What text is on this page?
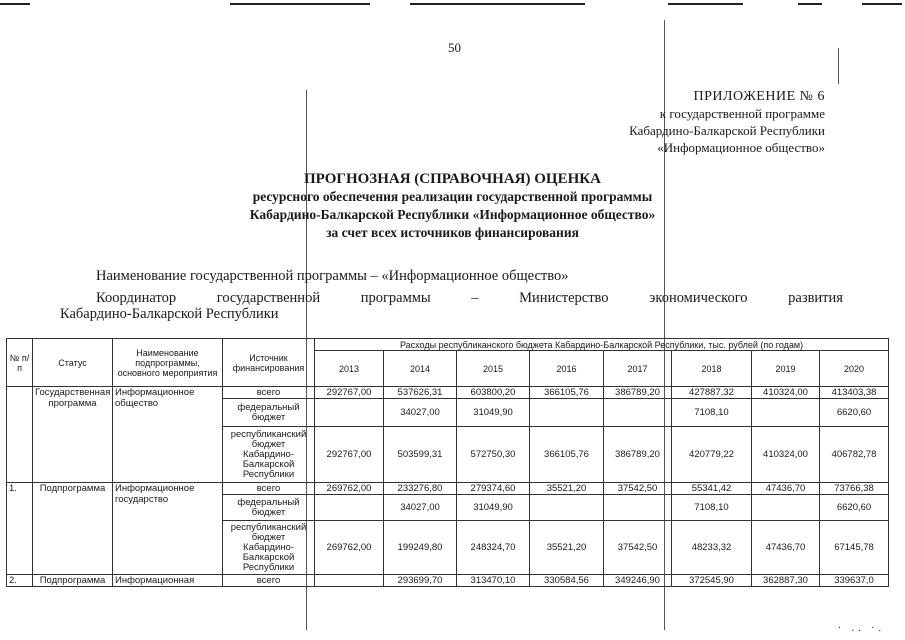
50
ПРИЛОЖЕНИЕ № 6
к государственной программе
Кабардино-Балкарской Республики
«Информационное общество»
ПРОГНОЗНАЯ (СПРАВОЧНАЯ) ОЦЕНКА
ресурсного обеспечения реализации государственной программы
Кабардино-Балкарской Республики «Информационное общество»
за счет всех источников финансирования
Наименование государственной программы – «Информационное общество»
Координатор	государственной	программы	–	Министерство	экономического	развития
Кабардино-Балкарской Республики
№ п/п	Статус	Наименование подпрограммы, основного мероприятия	Источник финансирования	Расходы республиканского бюджета Кабардино-Балкарской Республики, тыс. рублей (по годам)							
				2013	2014	2015	2016	2017	2018	2019	2020
	Государственная программа	Информационное общество	всего	292767,00	537626,31	603800,20	366105,76	386789,20	427887,32	410324,00	413403,38
			федеральный бюджет		34027,00	31049,90			7108,10		6620,60
			республиканский бюджет Кабардино-Балкарской Республики	292767,00	503599,31	572750,30	366105,76	386789,20	420779,22	410324,00	406782,78
1.	Подпрограмма	Информационное государство	всего	269762,00	233276,80	279374,60	35521,20	37542,50	55341,42	47436,70	73766,38
			федеральный бюджет		34027,00	31049,90			7108,10		6620,60
			республиканский бюджет Кабардино-Балкарской Республики	269762,00	199249,80	248324,70	35521,20	37542,50	48233,32	47436,70	67145,78
2.	Подпрограмма	Информационная	всего		293699,70	313470,10	330584,56	349246,90	372545,90	362887,30	339637,0
· .. ·.
